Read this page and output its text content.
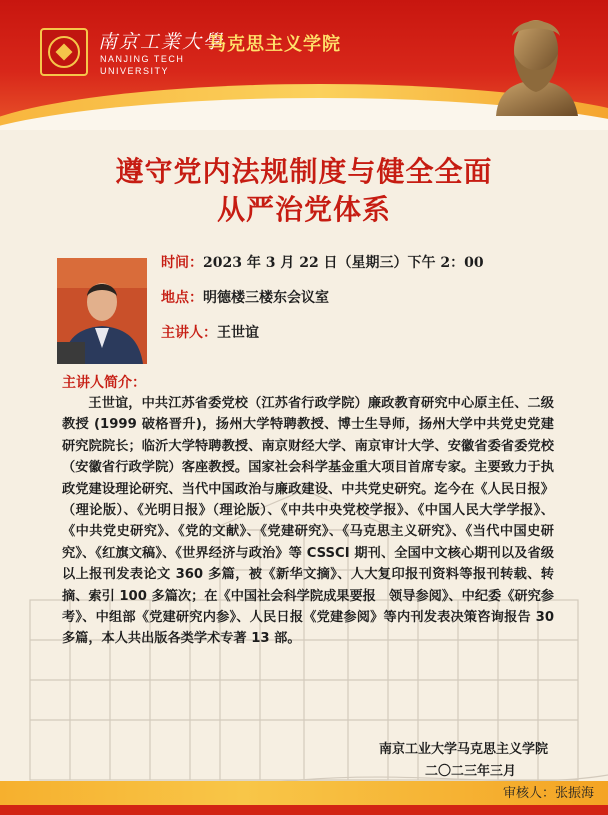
南京工業大學
NANJING TECH
UNIVERSITY
马克思主义学院
遵守党内法规制度与健全全面
从严治党体系
时间：2023 年 3 月 22 日（星期三）下午 2：00
地点：明德楼三楼东会议室
主讲人：王世谊
主讲人简介：

王世谊，中共江苏省委党校（江苏省行政学院）廉政教育研究中心原主任、二级教授 (1999 破格晋升)，扬州大学特聘教授、博士生导师，扬州大学中共党史党建研究院院长；临沂大学特聘教授、南京财经大学、南京审计大学、安徽省委省委党校（安徽省行政学院）客座教授。国家社会科学基金重大项目首席专家。主要致力于执政党建设理论研究、当代中国政治与廉政建设、中共党史研究。迄今在《人民日报》（理论版）、《光明日报》（理论版）、《中共中央党校学报》、《中国人民大学学报》、《中共党史研究》、《党的文献》、《党建研究》、《马克思主义研究》、《当代中国史研究》、《红旗文稿》、《世界经济与政治》等 CSSCI 期刊、全国中文核心期刊以及省级以上报刊发表论文 360 多篇，被《新华文摘》、人大复印报刊资料等报刊转载、转摘、索引 100 多篇次；在《中国社会科学院成果要报　领导参阅》、中纪委《研究参考》、中组部《党建研究内参》、人民日报《党建参阅》等内刊发表决策咨询报告 30 多篇，本人共出版各类学术专著 13 部。

南京工业大学马克思主义学院
二〇二三年三月
审核人：张振海
